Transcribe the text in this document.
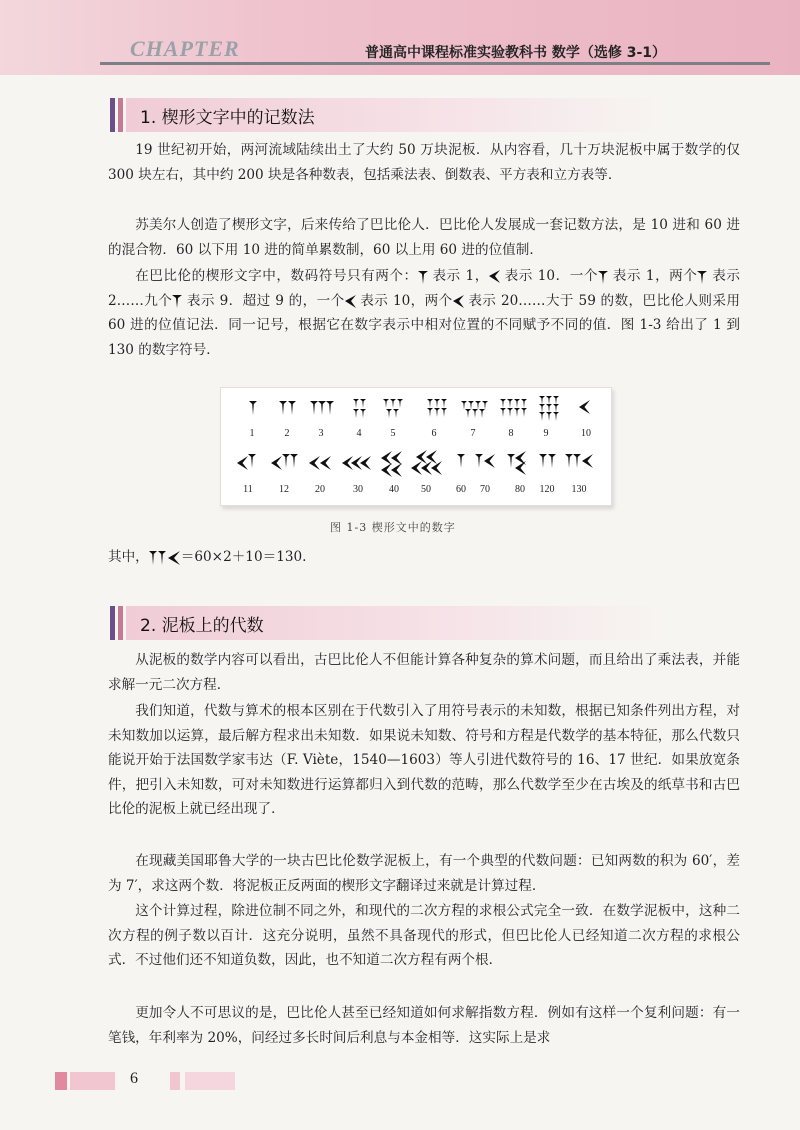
CHAPTER	普通高中课程标准实验教科书 数学（选修 3-1）
1. 楔形文字中的记数法

19 世纪初开始，两河流域陆续出土了大约 50 万块泥板．从内容看，几十万块泥板中属于数学的仅 300 块左右，其中约 200 块是各种数表，包括乘法表、倒数表、平方表和立方表等．

苏美尔人创造了楔形文字，后来传给了巴比伦人．巴比伦人发展成一套记数方法，是 10 进和 60 进的混合物．60 以下用 10 进的简单累数制，60 以上用 60 进的位值制．

在巴比伦的楔形文字中，数码符号只有两个： 表示 1， 表示 10．一个 表示 1，两个 表示 2……九个 表示 9．超过 9 的，一个 表示 10，两个 表示 20……大于 59 的数，巴比伦人则采用 60 进的位值记法．同一记号，根据它在数字表示中相对位置的不同赋予不同的值．图 1-3 给出了 1 到 130 的数字符号．

1	2	3	4	5	6	7	8	9	10
11	12	20	30	40 50	60 70	80 120 130
图 1-3 楔形文中的数字

其中， ＝60×2＋10＝130.

2. 泥板上的代数

从泥板的数学内容可以看出，古巴比伦人不但能计算各种复杂的算术问题，而且给出了乘法表，并能求解一元二次方程．

我们知道，代数与算术的根本区别在于代数引入了用符号表示的未知数，根据已知条件列出方程，对未知数加以运算，最后解方程求出未知数．如果说未知数、符号和方程是代数学的基本特征，那么代数只能说开始于法国数学家韦达（F. Viète，1540—1603）等人引进代数符号的 16、17 世纪．如果放宽条件，把引入未知数，可对未知数进行运算都归入到代数的范畴，那么代数学至少在古埃及的纸草书和古巴比伦的泥板上就已经出现了．

在现藏美国耶鲁大学的一块古巴比伦数学泥板上，有一个典型的代数问题：已知两数的积为 60′，差为 7′，求这两个数．将泥板正反两面的楔形文字翻译过来就是计算过程．

这个计算过程，除进位制不同之外，和现代的二次方程的求根公式完全一致．在数学泥板中，这种二次方程的例子数以百计．这充分说明，虽然不具备现代的形式，但巴比伦人已经知道二次方程的求根公式．不过他们还不知道负数，因此，也不知道二次方程有两个根．

更加令人不可思议的是，巴比伦人甚至已经知道如何求解指数方程．例如有这样一个复利问题：有一笔钱，年利率为 20%，问经过多长时间后利息与本金相等．这实际上是求

6
